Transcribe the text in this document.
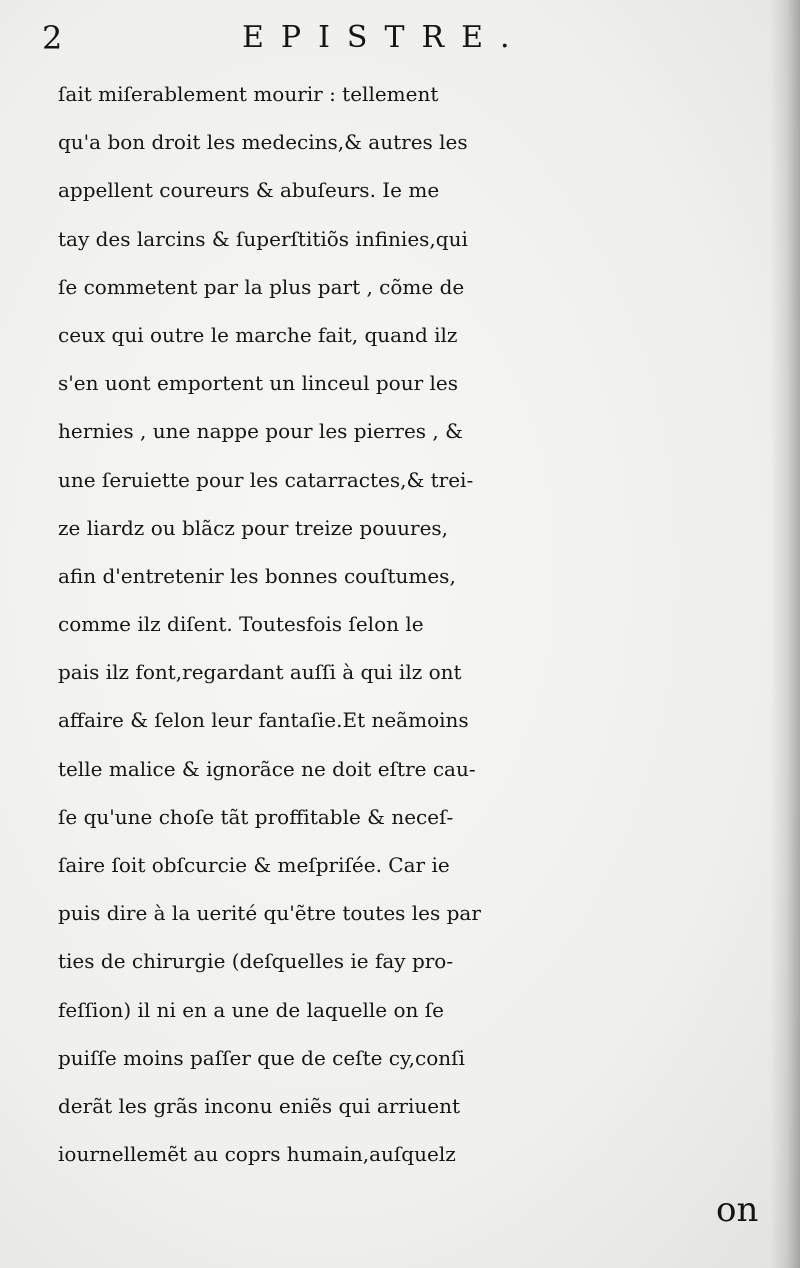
2	EPISTRE.
ſait miſerablement mourir : tellement
qu'a bon droit les medecins,& autres les
appellent coureurs & abuſeurs. Ie me
tay des larcins & ſuperſtitiõs infinies,qui
ſe commetent par la plus part , cõme de
ceux qui outre le marche fait, quand ilz
s'en uont emportent un linceul pour les
hernies , une nappe pour les pierres , &
une ſeruiette pour les catarractes,& trei-
ze liardz ou blãcz pour treize pouures,
afin d'entretenir les bonnes couſtumes,
comme ilz diſent. Toutesfois ſelon le
pais ilz font,regardant auſſi à qui ilz ont
affaire & ſelon leur fantaſie.Et neãmoins
telle malice & ignorãce ne doit eſtre cau-
ſe qu'une choſe tãt proffitable & neceſ-
ſaire ſoit obſcurcie & meſpriſée. Car ie
puis dire à la uerité qu'ẽtre toutes les par
ties de chirurgie (deſquelles ie fay pro-
feſſion) il ni en a une de laquelle on ſe
puiſſe moins paſſer que de ceſte cy,conſi
derãt les grãs inconu eniẽs qui arriuent
iournellemẽt au coprs humain,auſquelz
on
